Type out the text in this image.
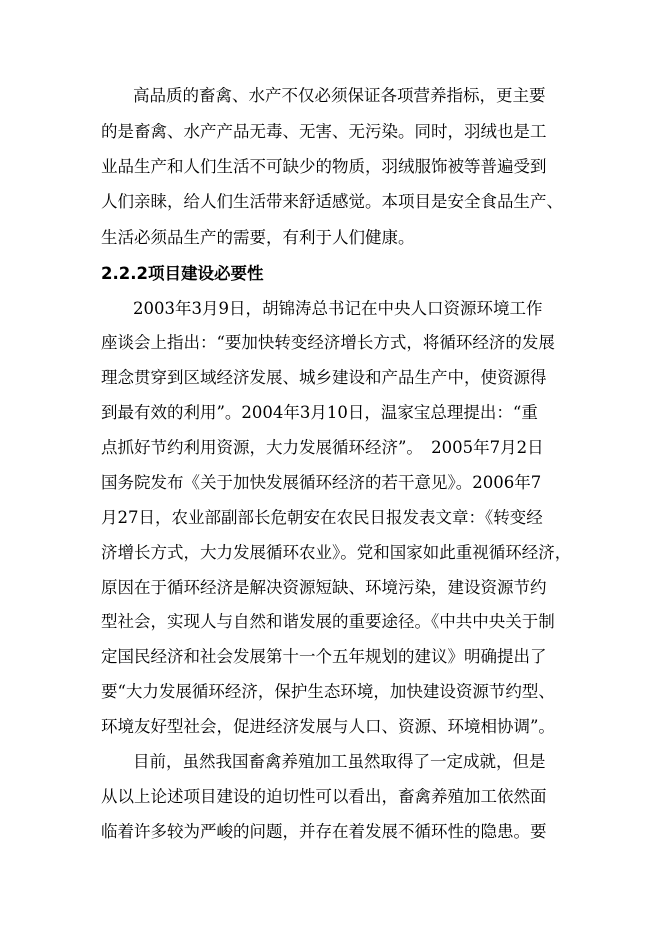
高品质的畜禽、水产不仅必须保证各项营养指标，更主要
的是畜禽、水产产品无毒、无害、无污染。同时，羽绒也是工
业品生产和人们生活不可缺少的物质，羽绒服饰被等普遍受到
人们亲睐，给人们生活带来舒适感觉。本项目是安全食品生产、
生活必须品生产的需要，有利于人们健康。
2.2.2项目建设必要性
2003年3月9日，胡锦涛总书记在中央人口资源环境工作
座谈会上指出：“要加快转变经济增长方式，将循环经济的发展
理念贯穿到区域经济发展、城乡建设和产品生产中，使资源得
到最有效的利用”。2004年3月10日，温家宝总理提出：“重
点抓好节约利用资源，大力发展循环经济”。　2005年7月2日
国务院发布《关于加快发展循环经济的若干意见》。2006年7
月27日，农业部副部长危朝安在农民日报发表文章：《转变经
济增长方式，大力发展循环农业》。党和国家如此重视循环经济，
原因在于循环经济是解决资源短缺、环境污染，建设资源节约
型社会，实现人与自然和谐发展的重要途径。《中共中央关于制
定国民经济和社会发展第十一个五年规划的建议》明确提出了
要“大力发展循环经济，保护生态环境，加快建设资源节约型、
环境友好型社会，促进经济发展与人口、资源、环境相协调”。
目前，虽然我国畜禽养殖加工虽然取得了一定成就，但是
从以上论述项目建设的迫切性可以看出，畜禽养殖加工依然面
临着许多较为严峻的问题，并存在着发展不循环性的隐患。要
